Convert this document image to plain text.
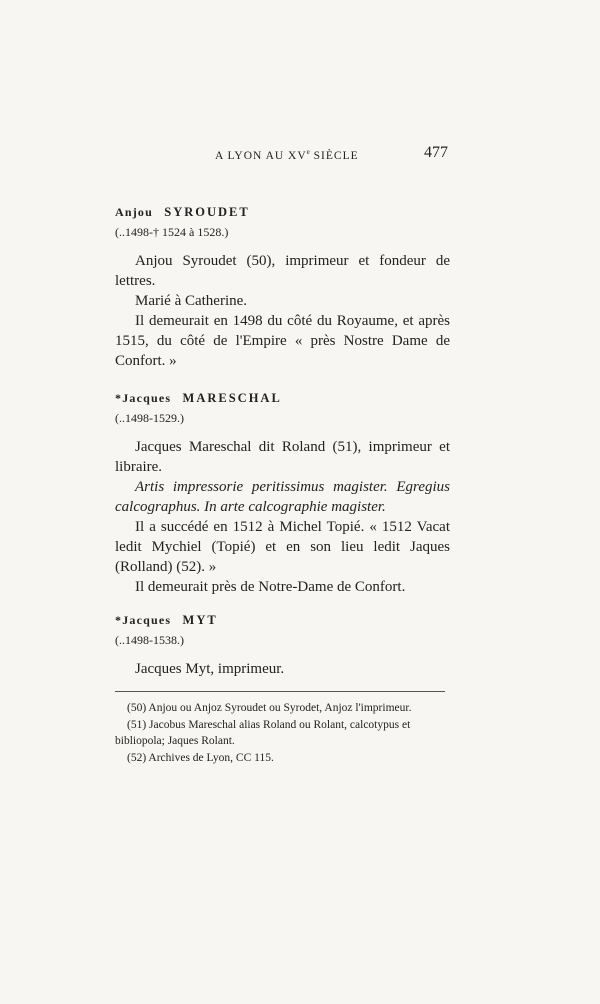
A LYON AU XVe SIÈCLE	477

Anjou SYROUDET

(..1498-† 1524 à 1528.)

Anjou Syroudet (50), imprimeur et fondeur de lettres.

Marié à Catherine.

Il demeurait en 1498 du côté du Royaume, et après 1515, du côté de l'Empire « près Nostre Dame de Confort. »

*Jacques MARESCHAL

(..1498-1529.)

Jacques Mareschal dit Roland (51), imprimeur et libraire.

Artis impressorie peritissimus magister. Egregius calcographus. In arte calcographie magister.

Il a succédé en 1512 à Michel Topié. « 1512 Vacat ledit Mychiel (Topié) et en son lieu ledit Jaques (Rolland) (52). »

Il demeurait près de Notre-Dame de Confort.

*Jacques MYT

(..1498-1538.)

Jacques Myt, imprimeur.

(50) Anjou ou Anjoz Syroudet ou Syrodet, Anjoz l'imprimeur.

(51) Jacobus Mareschal alias Roland ou Rolant, calcotypus et bibliopola; Jaques Rolant.

(52) Archives de Lyon, CC 115.
